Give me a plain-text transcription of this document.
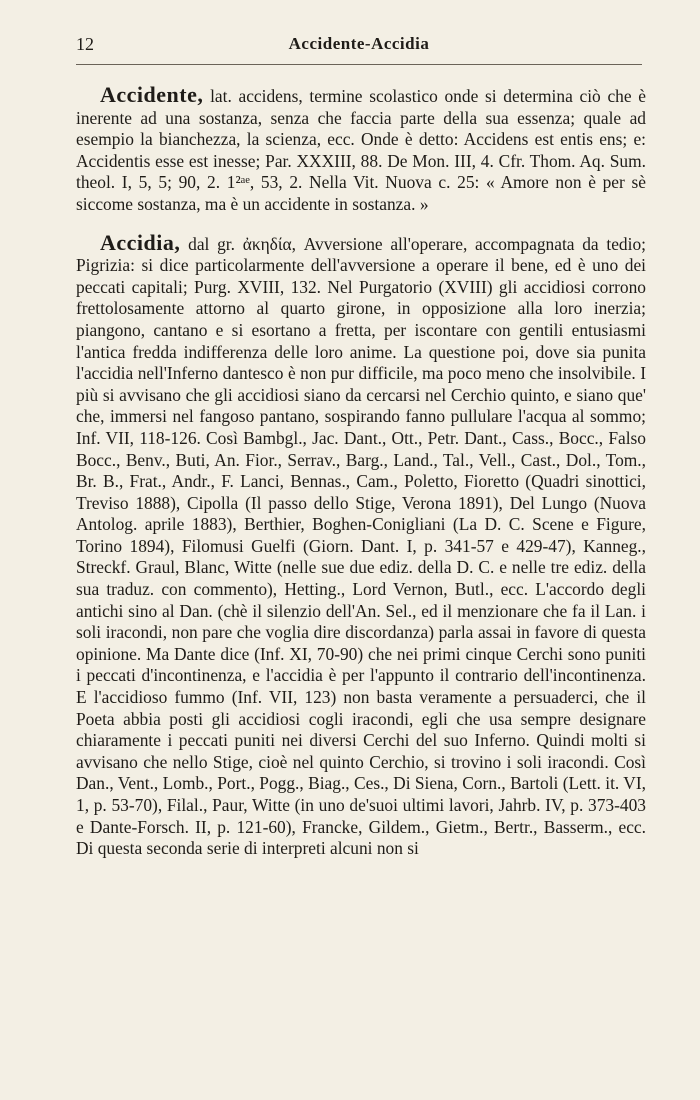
12	Accidente-Accidia

Accidente, lat. accidens, termine scolastico onde si determina ciò che è inerente ad una sostanza, senza che faccia parte della sua essenza; quale ad esempio la bianchezza, la scienza, ecc. Onde è detto: Accidens est entis ens; e: Accidentis esse est inesse; Par. XXXIII, 88. De Mon. III, 4. Cfr. Thom. Aq. Sum. theol. I, 5, 5; 90, 2. 1²ᵃᵉ, 53, 2. Nella Vit. Nuova c. 25: « Amore non è per sè siccome sostanza, ma è un accidente in sostanza. »

Accidia, dal gr. ἀκηδία, Avversione all'operare, accompagnata da tedio; Pigrizia: si dice particolarmente dell'avversione a operare il bene, ed è uno dei peccati capitali; Purg. XVIII, 132. Nel Purgatorio (XVIII) gli accidiosi corrono frettolosamente attorno al quarto girone, in opposizione alla loro inerzia; piangono, cantano e si esortano a fretta, per iscontare con gentili entusiasmi l'antica fredda indifferenza delle loro anime. La questione poi, dove sia punita l'accidia nell'Inferno dantesco è non pur difficile, ma poco meno che insolvibile. I più si avvisano che gli accidiosi siano da cercarsi nel Cerchio quinto, e siano que' che, immersi nel fangoso pantano, sospirando fanno pullulare l'acqua al sommo; Inf. VII, 118-126. Così Bambgl., Jac. Dant., Ott., Petr. Dant., Cass., Bocc., Falso Bocc., Benv., Buti, An. Fior., Serrav., Barg., Land., Tal., Vell., Cast., Dol., Tom., Br. B., Frat., Andr., F. Lanci, Bennas., Cam., Poletto, Fioretto (Quadri sinottici, Treviso 1888), Cipolla (Il passo dello Stige, Verona 1891), Del Lungo (Nuova Antolog. aprile 1883), Berthier, Boghen-Conigliani (La D. C. Scene e Figure, Torino 1894), Filomusi Guelfi (Giorn. Dant. I, p. 341-57 e 429-47), Kanneg., Streckf. Graul, Blanc, Witte (nelle sue due ediz. della D. C. e nelle tre ediz. della sua traduz. con commento), Hetting., Lord Vernon, Butl., ecc. L'accordo degli antichi sino al Dan. (chè il silenzio dell'An. Sel., ed il menzionare che fa il Lan. i soli iracondi, non pare che voglia dire discordanza) parla assai in favore di questa opinione. Ma Dante dice (Inf. XI, 70-90) che nei primi cinque Cerchi sono puniti i peccati d'incontinenza, e l'accidia è per l'appunto il contrario dell'incontinenza. E l'accidioso fummo (Inf. VII, 123) non basta veramente a persuaderci, che il Poeta abbia posti gli accidiosi cogli iracondi, egli che usa sempre designare chiaramente i peccati puniti nei diversi Cerchi del suo Inferno. Quindi molti si avvisano che nello Stige, cioè nel quinto Cerchio, si trovino i soli iracondi. Così Dan., Vent., Lomb., Port., Pogg., Biag., Ces., Di Siena, Corn., Bartoli (Lett. it. VI, 1, p. 53-70), Filal., Paur, Witte (in uno de'suoi ultimi lavori, Jahrb. IV, p. 373-403 e Dante-Forsch. II, p. 121-60), Francke, Gildem., Gietm., Bertr., Basserm., ecc. Di questa seconda serie di interpreti alcuni non si
